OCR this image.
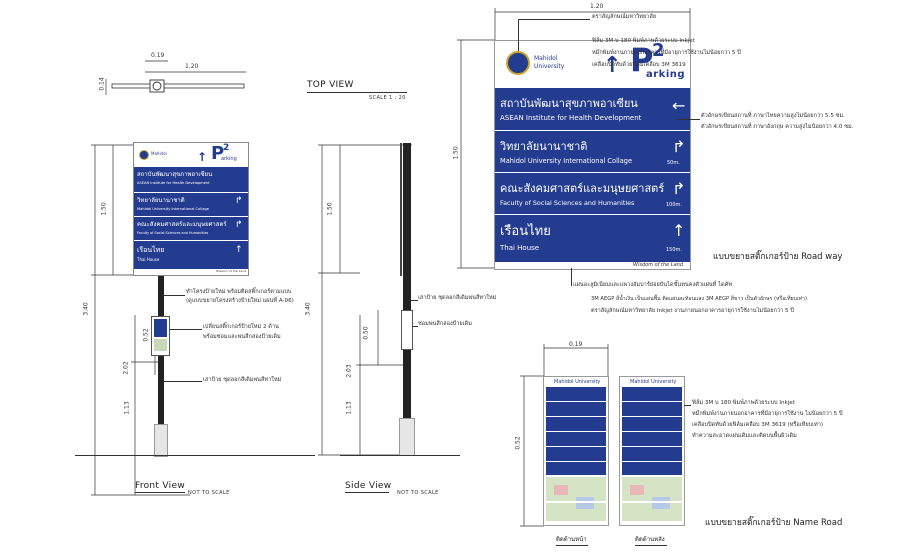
0.19
1.20
0.14	TOP VIEW
SCALE 1 : 20
3.40
1.50
2.02
1.13
0.52
Mahidol	↑ P
2
arking
สถาบันพัฒนาสุขภาพอาเซียน
ASEAN Institute for Health Development
วิทยาลัยนานาชาติ
Mahidol University International Collage
↱
คณะสังคมศาสตร์และมนุษยศาสตร์
Faculty of Social Sciences and Humanities
↱
เรือนไทย
Thai House
↑
Wisdom of the Land
ทำโครงป้ายใหม่ พร้อมติดสติ๊กเกอร์ตามแบบ
(ดูแบบขยายโครงสร้างป้ายใหม่ แผนที่ A-06)
เปลี่ยนสติ๊กเกอร์ป้ายใหม่ 2 ด้าน
พร้อมซ่อมและพ่นสีกล่องป้ายเดิม
เสาป้าย ชุดลอกสีเดิมพ่นสีทาใหม่
Front View
NOT TO SCALE
3.40
1.50
2.03
1.13
0.50
เสาป้าย ชุดลอกสีเดิมพ่นสีทาใหม่
ซ่อมพ่นสีกล่องป้ายเดิม
Side View
NOT TO SCALE
1.20
1.50
Mahidol
University ↑ P
2
arking
สถาบันพัฒนาสุขภาพอาเซียน
ASEAN Institute for Health Development
←
วิทยาลัยนานาชาติ
Mahidol University International Collage	50m.
↱
คณะสังคมศาสตร์และมนุษยศาสตร์
Faculty of Social Sciences and Humanities	100m.
↱
เรือนไทย
Thai House	150m.
↑
Wisdom of the Land
ตราสัญลักษณ์มหาวิทยาลัย
ฟิล์ม 3M บ 180 พิมพ์ภาพด้วยระบบ Inkjet
หมึกพิมพ์งานภายนอกอาคารที่มีอายุการใช้งานไม่น้อยกว่า 5 ปี
เคลือบปิดทับด้วยฟิล์มเคลือบ 3M 3619
ตัวอักษรเขียนสถานที่ ภาษาไทยความสูงไม่น้อยกว่า 5.5 ซม.
ตัวอักษรเขียนสถานที่ ภาษาอังกฤษ ความสูงไม่น้อยกว่า 4.0 ซม.
แบบขยายสติ๊กเกอร์ป้าย Road way
แผ่นอะลูมิเนียมและแพวงอัมบาร์ย่อยบันไดขั้นทนคงตัวแผ่นที่ ไดคัท
3M AEGP สีน้ำเงิน เป็นแผ่นพื้น ติดแผ่นสะท้อนแสง 3M AEGP สีขาว เป็นตัวอักษร (หรือเทียบเท่า)
ตราสัญลักษณ์มหาวิทยาลัย Inkjet งานภายนอกอาคารอายุการใช้งานไม่น้อยกว่า 5 ปี
0.19
0.52
Mahidol University	Mahidol University
ฟิล์ม 3M บ 180 พิมพ์ภาพด้วยระบบ Inkjet
หมึกพิมพ์งานภายนอกอาคารที่มีอายุการใช้งาน ไม่น้อยกว่า 5 ปี
เคลือบปิดทับด้วยฟิล์มเคลือบ 3M 3619 (หรือเทียบเท่า)
ทำความสะอาดแผ่นเดิมและติดบนพื้นผิวเดิม
แบบขยายสติ๊กเกอร์ป้าย Name Road
ติดด้านหน้า	ติดด้านหลัง
